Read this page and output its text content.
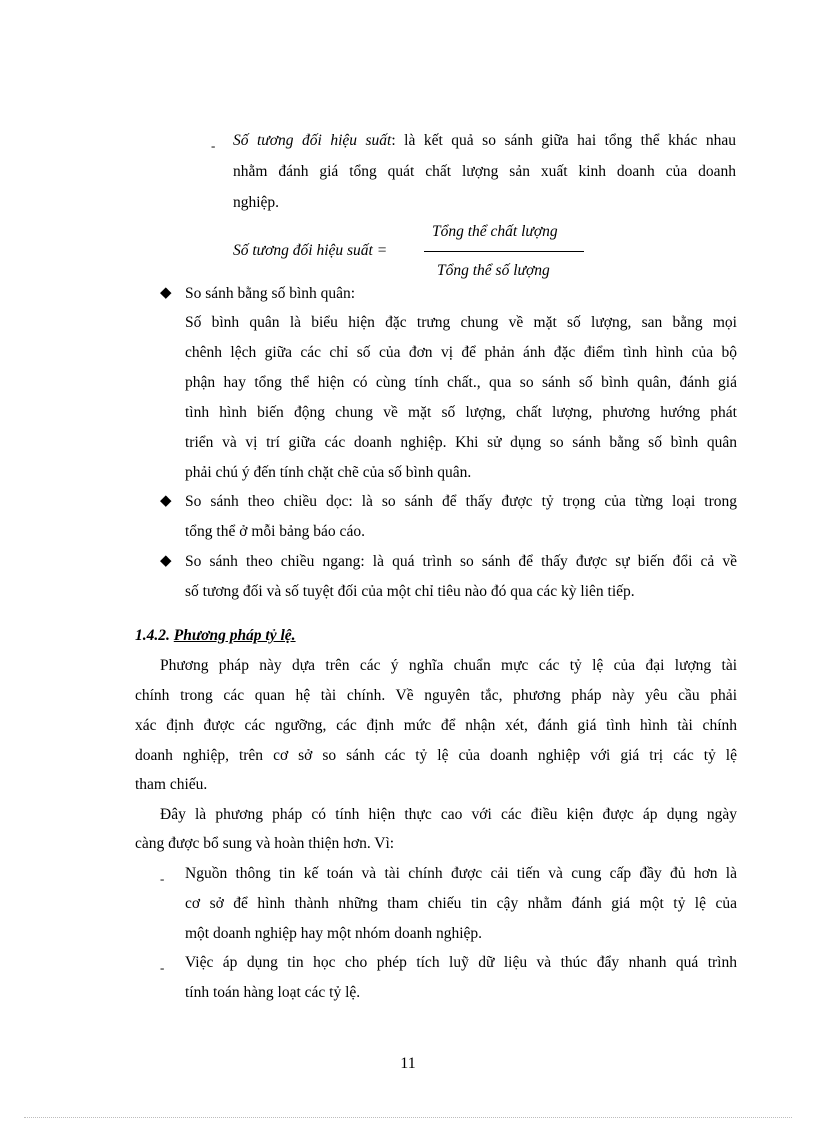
- Số tương đối hiệu suất: là kết quả so sánh giữa hai tổng thể khác nhau
nhằm đánh giá tổng quát chất lượng sản xuất kinh doanh của doanh
nghiệp.
Số tương đối hiệu suất =
Tổng thể chất lượng
Tổng thể số lượng
◆ So sánh bằng số bình quân:
Số bình quân là biểu hiện đặc trưng chung về mặt số lượng, san bằng mọi
chênh lệch giữa các chỉ số của đơn vị để phản ánh đặc điểm tình hình của bộ
phận hay tổng thể hiện có cùng tính chất., qua so sánh số bình quân, đánh giá
tình hình biến động chung về mặt số lượng, chất lượng, phương hướng phát
triển và vị trí giữa các doanh nghiệp. Khi sử dụng so sánh bằng số bình quân
phải chú ý đến tính chặt chẽ của số bình quân.
◆ So sánh theo chiều dọc: là so sánh để thấy được tỷ trọng của từng loại trong
tổng thể ở mỗi bảng báo cáo.
◆ So sánh theo chiều ngang: là quá trình so sánh để thấy được sự biến đổi cả về
số tương đối và số tuyệt đối của một chỉ tiêu nào đó qua các kỳ liên tiếp.
1.4.2. Phương pháp tỷ lệ.
Phương pháp này dựa trên các ý nghĩa chuẩn mực các tỷ lệ của đại lượng tài
chính trong các quan hệ tài chính. Về nguyên tắc, phương pháp này yêu cầu phải
xác định được các ngưỡng, các định mức để nhận xét, đánh giá tình hình tài chính
doanh nghiệp, trên cơ sở so sánh các tỷ lệ của doanh nghiệp với giá trị các tỷ lệ
tham chiếu.
Đây là phương pháp có tính hiện thực cao với các điều kiện được áp dụng ngày
càng được bổ sung và hoàn thiện hơn. Vì:
- Nguồn thông tin kế toán và tài chính được cải tiến và cung cấp đầy đủ hơn là
cơ sở để hình thành những tham chiếu tin cậy nhằm đánh giá một tỷ lệ của
một doanh nghiệp hay một nhóm doanh nghiệp.
- Việc áp dụng tin học cho phép tích luỹ dữ liệu và thúc đẩy nhanh quá trình
tính toán hàng loạt các tỷ lệ.
11
